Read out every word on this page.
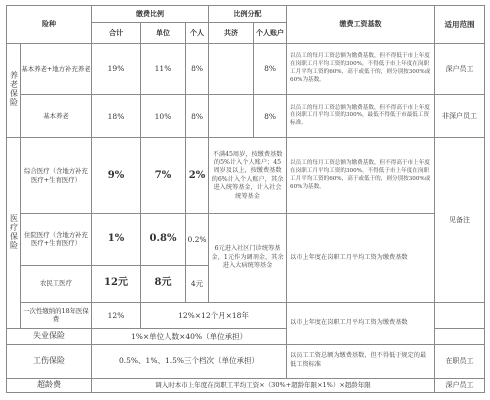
险种		缴费比例			比例分配		缴费工资基数	适用范围
		合计	单位	个人	共济	个人账户		
养老保险	基本养老+地方补充养老	19%	11%	8%		8%	以员工的每月工资总额为缴费基数，但不得低于市上年度在岗职工月平均工资的300%，不得低于市上年度在岗职工月平均工资的60%，高于或低于的，则分别按300%或60%为基数。	深户员工
	基本养老	18%	10%	8%		8%	以员工的每月工资总额为缴费基数，但不得高于市上年度在岗职工月平均工资的300%，最低不得低于市最低工资标准。	非深户员工
医疗保险	综合医疗（含地方补充医疗+生育医疗）	9%	7%	2%	不满45周岁，按缴费基数的5%计入个人账户；45周岁及以上，按缴费基数的6%计入个人账户，其余进入统筹基金，计入社会统筹基金		以员工的每月工资总额为缴费基数，但不得高于市上年度在岗职工月平均工资的300%，不得低于市上年度在岗职工月平均工资的60%，高于或低于的，则分别按300%或60%为基数。	见备注
	住院医疗（含地方补充医疗+生育医疗）	1%	0.8%	0.2%	6元进入社区门诊统筹基金，1元作为调剂金，其余进入大病统筹基金		以市上年度在岗职工月平均工资为缴费基数	
	农民工医疗	12元	8元	4元				
	一次性缴纳的18年医保费	12%	12%×12个月×18年				以市上年度在岗职工月平均工资为缴费基数	
失业保险		1%×单位人数×40%（单位承担）						
工伤保险		0.5%、1%、1.5%三个档次（单位承担）					以员工工资总额为缴费基数，但不得低于规定的最低工资标准	在职员工
超龄费		调入时本市上年度在岗职工平均工资×（30%+超龄年限×1%）×超龄年限						深户员工
